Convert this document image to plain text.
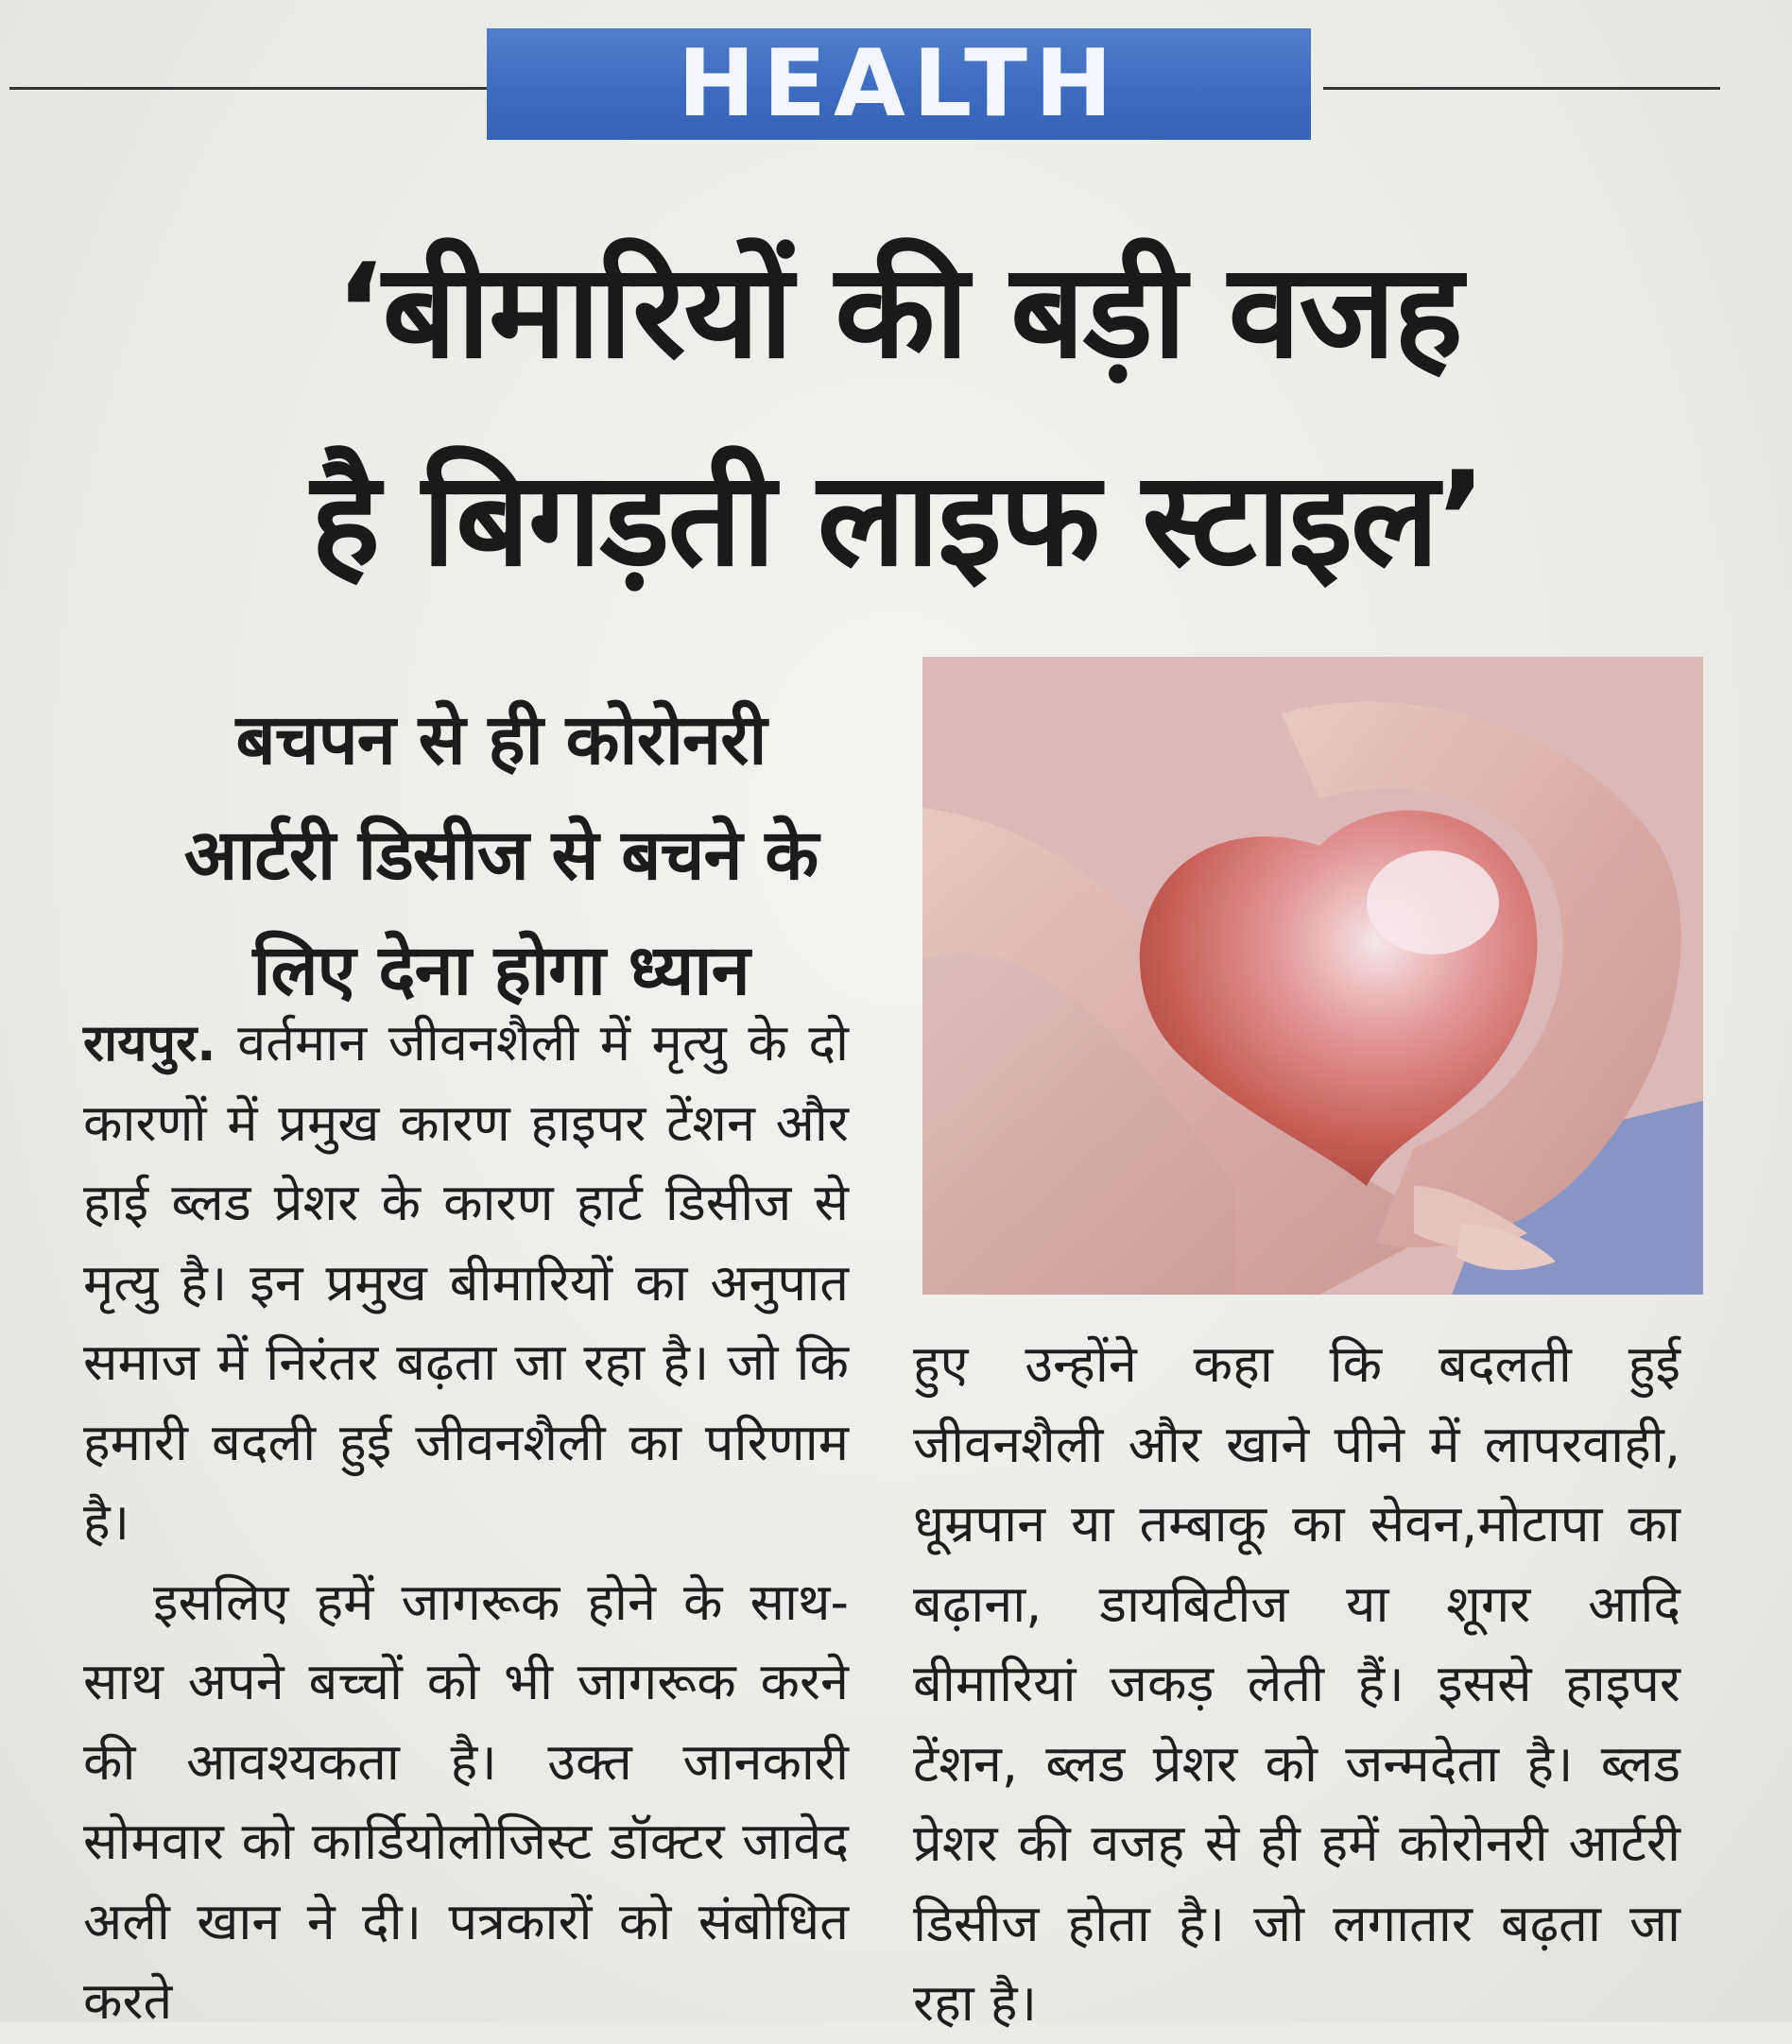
HEALTH
‘बीमारियों की बड़ी वजह
है बिगड़ती लाइफ स्टाइल’
बचपन से ही कोरोनरी
आर्टरी डिसीज से बचने के
लिए देना होगा ध्यान

रायपुर. वर्तमान जीवनशैली में मृत्यु के दो कारणों में प्रमुख कारण हाइपर टेंशन और हाई ब्लड प्रेशर के कारण हार्ट डिसीज से मृत्यु है। इन प्रमुख बीमारियों का अनुपात समाज में निरंतर बढ़ता जा रहा है। जो कि हमारी बदली हुई जीवनशैली का परिणाम है।

इसलिए हमें जागरूक होने के साथ-साथ अपने बच्चों को भी जागरूक करने की आवश्यकता है। उक्त जानकारी सोमवार को कार्डियोलोजिस्ट डॉक्टर जावेद अली खान ने दी। पत्रकारों को संबोधित करते

हुए उन्होंने कहा कि बदलती हुई जीवनशैली और खाने पीने में लापरवाही, धूम्रपान या तम्बाकू का सेवन,मोटापा का बढ़ाना, डायबिटीज या शूगर आदि बीमारियां जकड़ लेती हैं। इससे हाइपर टेंशन, ब्लड प्रेशर को जन्मदेता है। ब्लड प्रेशर की वजह से ही हमें कोरोनरी आर्टरी डिसीज होता है। जो लगातार बढ़ता जा रहा है।
